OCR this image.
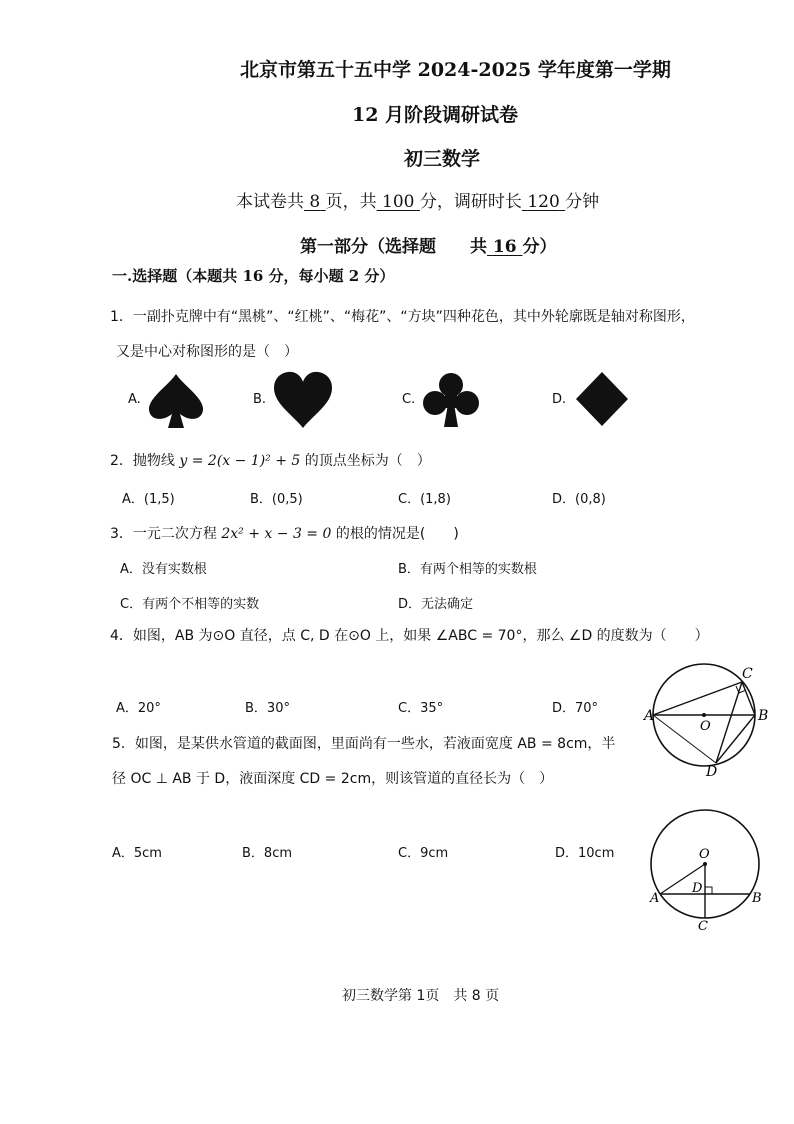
北京市第五十五中学 2024-2025 学年度第一学期
12 月阶段调研试卷
初三数学
本试卷共 8 页，共 100 分，调研时长 120 分钟
第一部分（选择题　　共 16 分）
一.选择题（本题共 16 分，每小题 2 分）
1．一副扑克牌中有“黑桃”、“红桃”、“梅花”、“方块”四种花色，其中外轮廓既是轴对称图形，
又是中心对称图形的是（　）
A.	B.	C.	D.
2．抛物线 y = 2(x − 1)² + 5 的顶点坐标为（　）
A．(1,5)	B．(0,5)	C．(1,8)	D．(0,8)
3．一元二次方程 2x² + x − 3 = 0 的根的情况是(　　)
A．没有实数根	B．有两个相等的实数根
C．有两个不相等的实数	D．无法确定
4．如图，AB 为⊙O 直径，点 C, D 在⊙O 上，如果 ∠ABC = 70°，那么 ∠D 的度数为（　　）
A．20°	B．30°	C．35°	D．70°	A	B
C
D
O
5．如图，是某供水管道的截面图，里面尚有一些水，若液面宽度 AB = 8cm，半
径 OC ⊥ AB 于 D，液面深度 CD = 2cm，则该管道的直径长为（　）
A．5cm	B．8cm	C．9cm	D．10cm	O
A	B
C
D
初三数学第 1页　共 8 页
